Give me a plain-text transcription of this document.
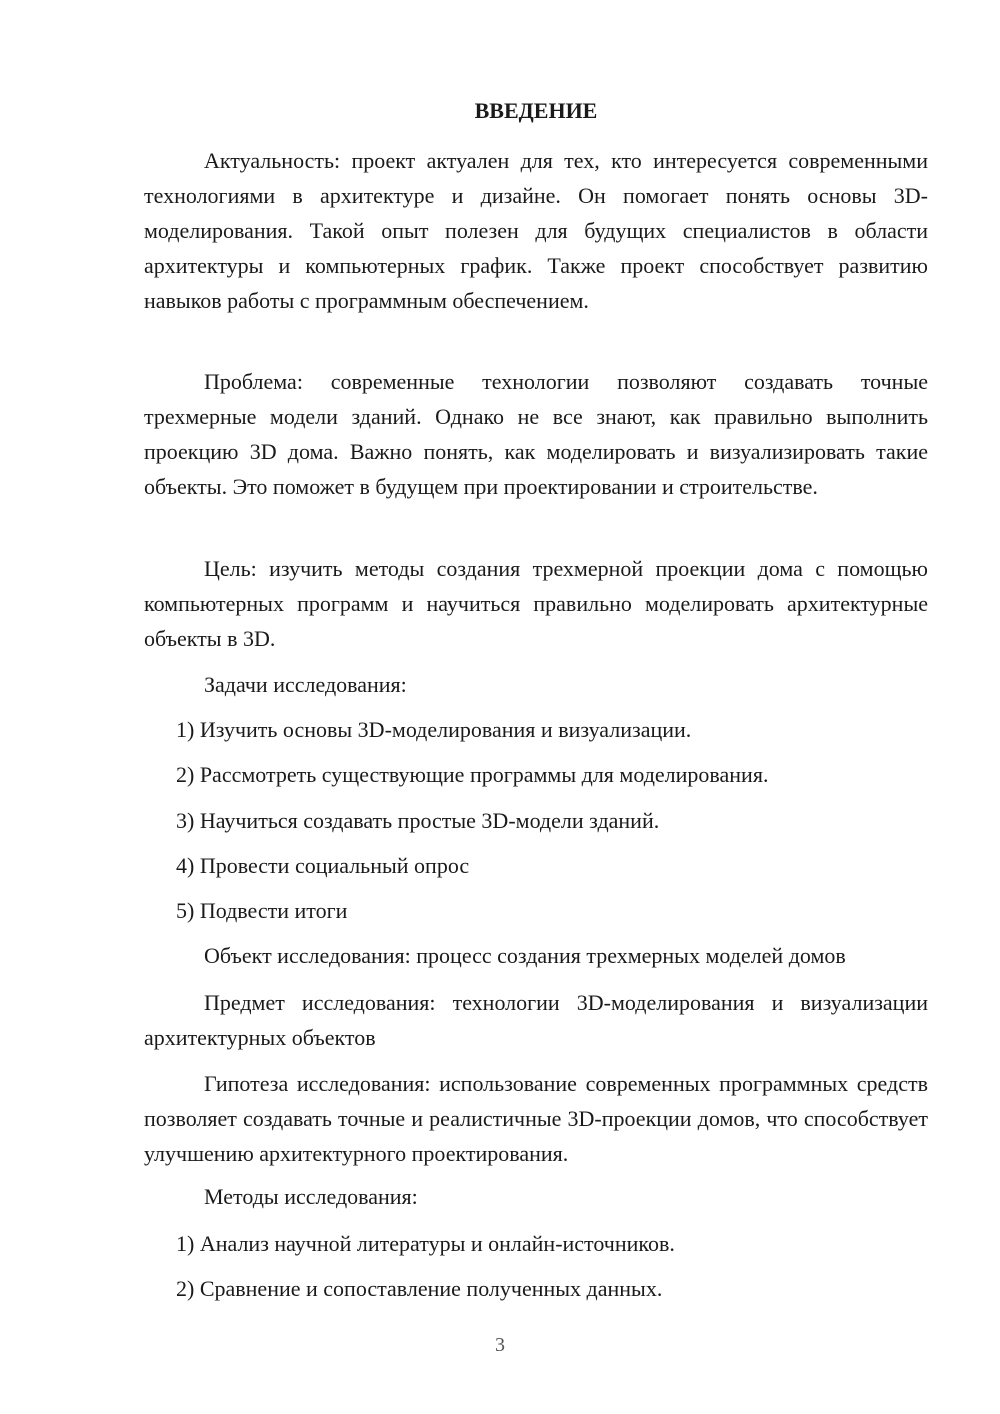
ВВЕДЕНИЕ

Актуальность: проект актуален для тех, кто интересуется современными технологиями в архитектуре и дизайне. Он помогает понять основы 3D-моделирования. Такой опыт полезен для будущих специалистов в области архитектуры и компьютерных график. Также проект способствует развитию навыков работы с программным обеспечением.

Проблема: современные технологии позволяют создавать точные трехмерные модели зданий. Однако не все знают, как правильно выполнить проекцию 3D дома. Важно понять, как моделировать и визуализировать такие объекты. Это поможет в будущем при проектировании и строительстве.

Цель: изучить методы создания трехмерной проекции дома с помощью компьютерных программ и научиться правильно моделировать архитектурные объекты в 3D.

Задачи исследования:

1) Изучить основы 3D-моделирования и визуализации.

2) Рассмотреть существующие программы для моделирования.

3) Научиться создавать простые 3D-модели зданий.

4) Провести социальный опрос

5) Подвести итоги

Объект исследования: процесс создания трехмерных моделей домов

Предмет исследования: технологии 3D-моделирования и визуализации архитектурных объектов

Гипотеза исследования: использование современных программных средств позволяет создавать точные и реалистичные 3D-проекции домов, что способствует улучшению архитектурного проектирования.

Методы исследования:

1) Анализ научной литературы и онлайн-источников.

2) Сравнение и сопоставление полученных данных.

3
